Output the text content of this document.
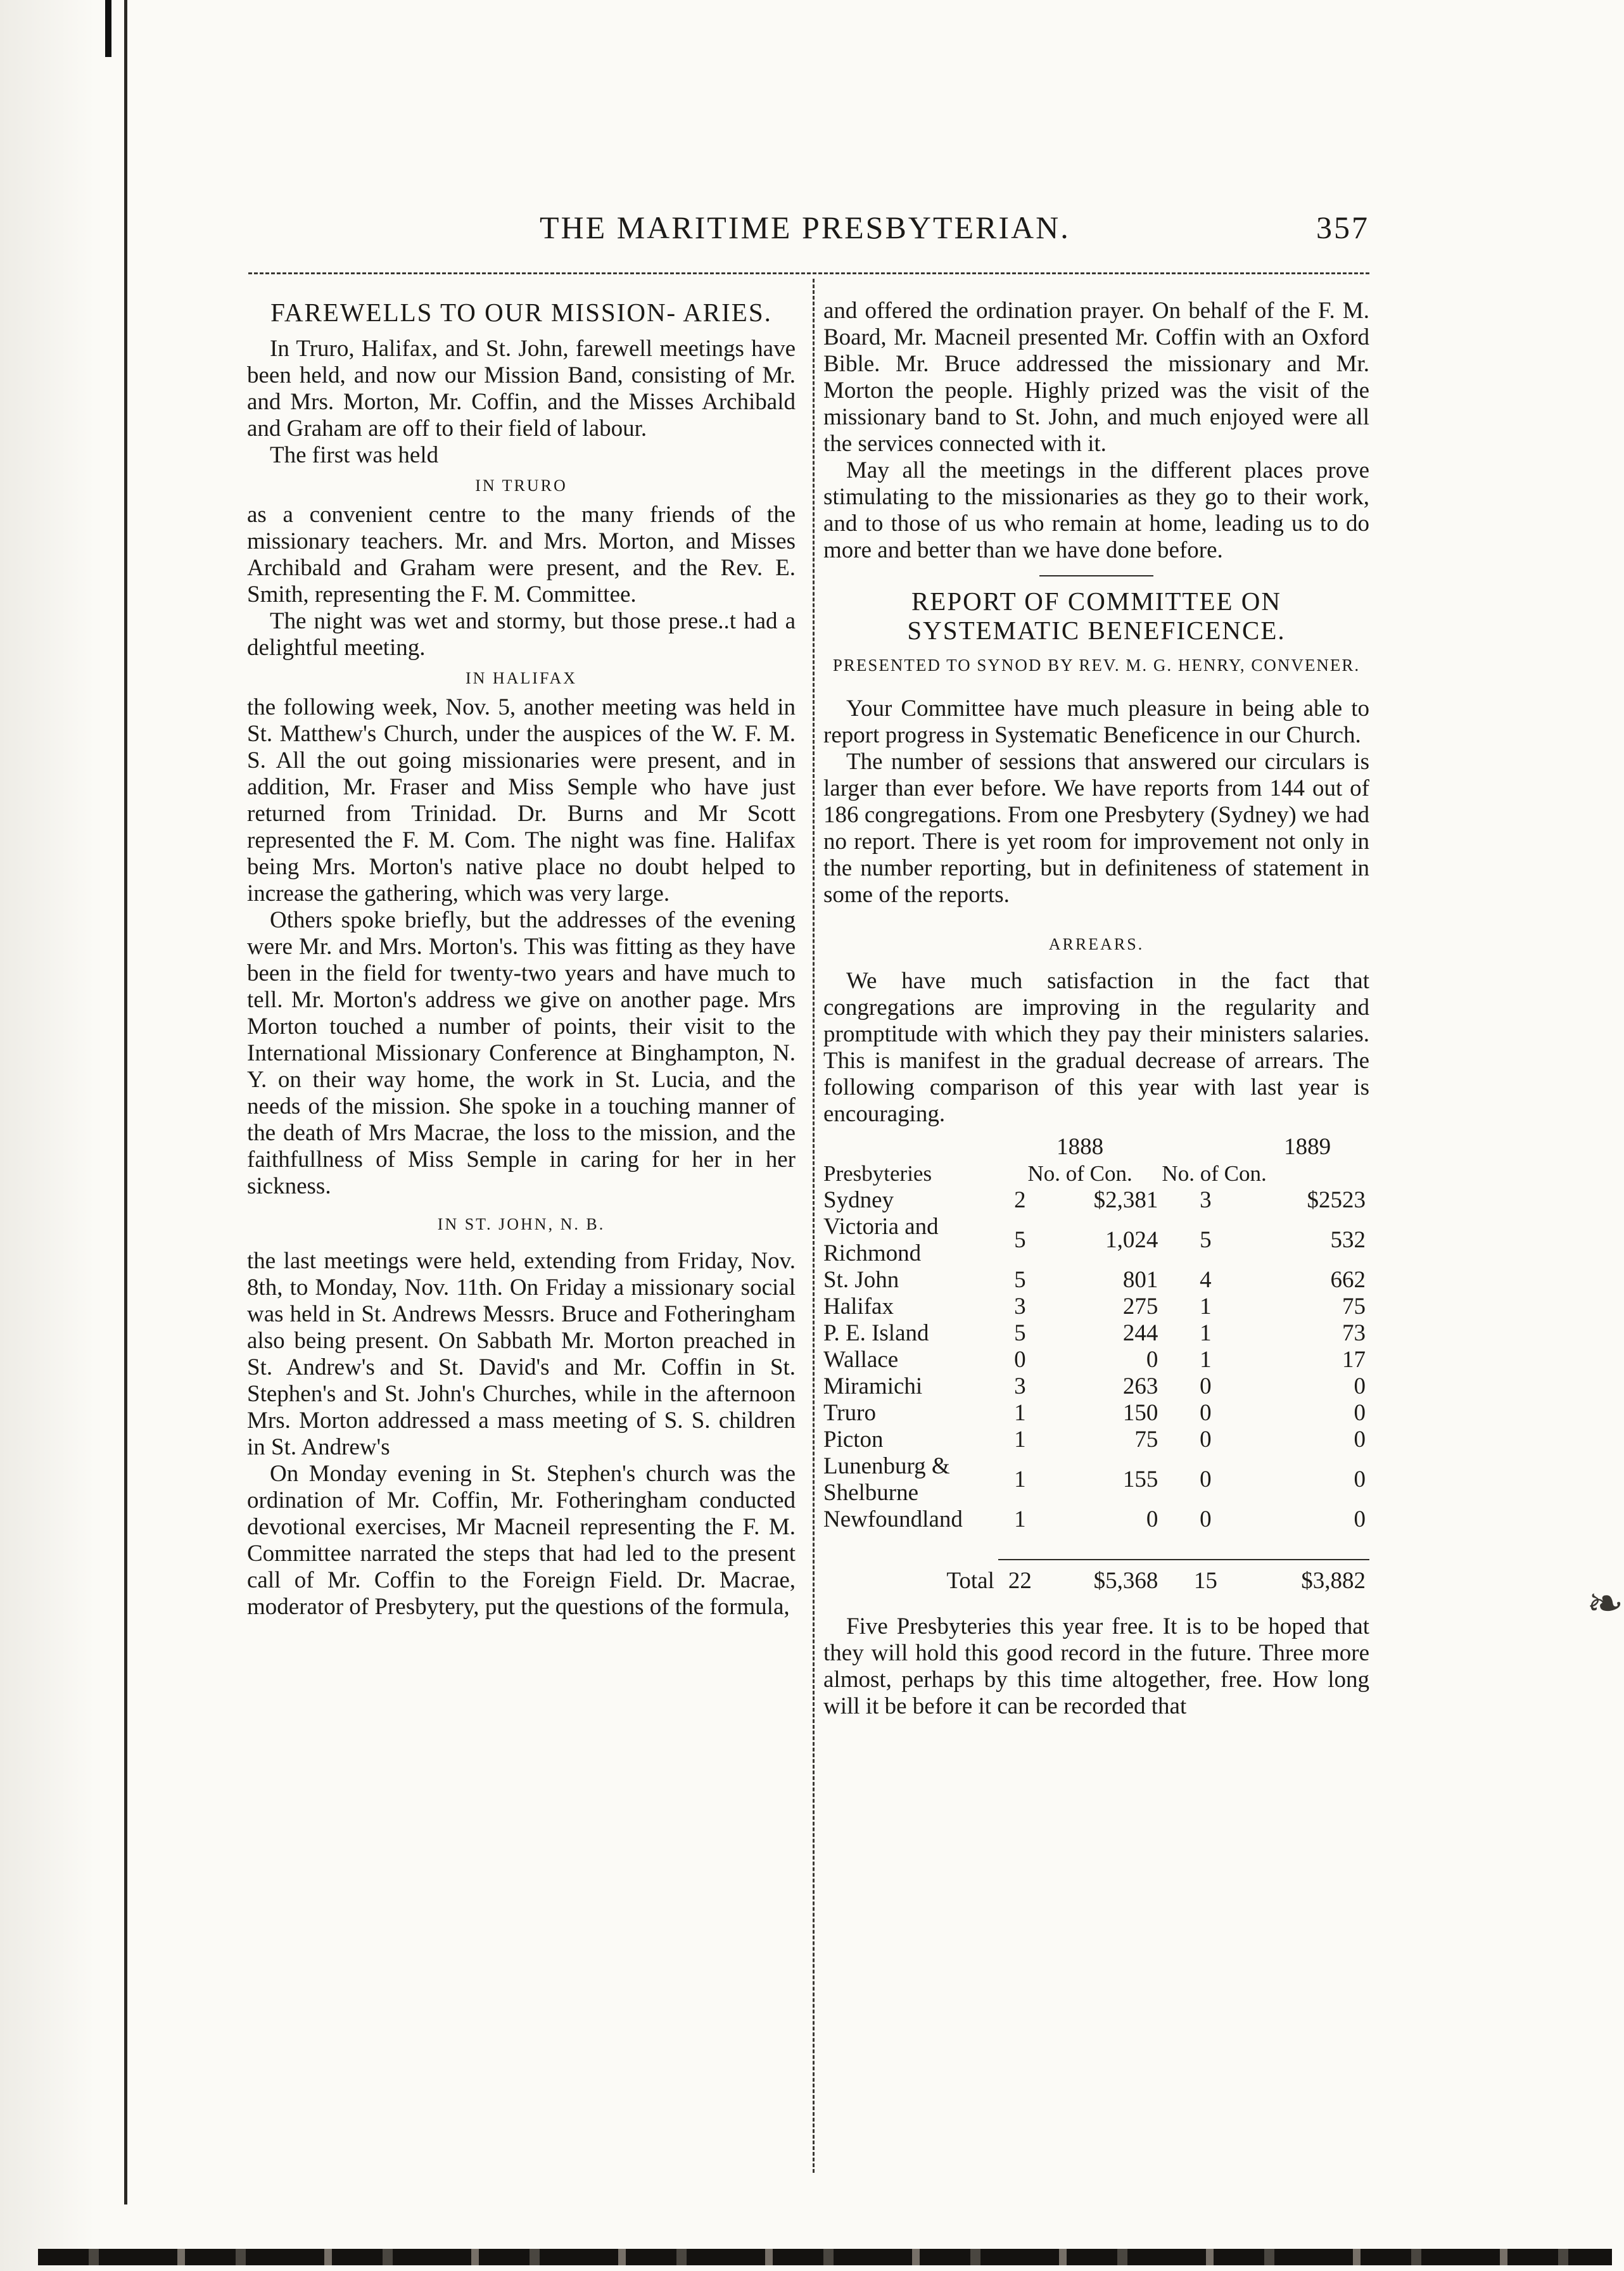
THE MARITIME PRESBYTERIAN.	357
FAREWELLS TO OUR MISSION- ARIES.

In Truro, Halifax, and St. John, farewell meetings have been held, and now our Mission Band, consisting of Mr. and Mrs. Morton, Mr. Coffin, and the Misses Archibald and Graham are off to their field of labour.

The first was held

IN TRURO

as a convenient centre to the many friends of the missionary teachers. Mr. and Mrs. Morton, and Misses Archibald and Graham were present, and the Rev. E. Smith, representing the F. M. Committee.

The night was wet and stormy, but those prese..t had a delightful meeting.

IN HALIFAX

the following week, Nov. 5, another meeting was held in St. Matthew's Church, under the auspices of the W. F. M. S. All the out going missionaries were present, and in addition, Mr. Fraser and Miss Semple who have just returned from Trinidad. Dr. Burns and Mr Scott represented the F. M. Com. The night was fine. Halifax being Mrs. Morton's native place no doubt helped to increase the gathering, which was very large.

Others spoke briefly, but the addresses of the evening were Mr. and Mrs. Morton's. This was fitting as they have been in the field for twenty-two years and have much to tell. Mr. Morton's address we give on another page. Mrs Morton touched a number of points, their visit to the International Missionary Conference at Binghampton, N. Y. on their way home, the work in St. Lucia, and the needs of the mission. She spoke in a touching manner of the death of Mrs Macrae, the loss to the mission, and the faithfullness of Miss Semple in caring for her in her sickness.

IN ST. JOHN, N. B.

the last meetings were held, extending from Friday, Nov. 8th, to Monday, Nov. 11th. On Friday a missionary social was held in St. Andrews Messrs. Bruce and Fotheringham also being present. On Sabbath Mr. Morton preached in St. Andrew's and St. David's and Mr. Coffin in St. Stephen's and St. John's Churches, while in the afternoon Mrs. Morton addressed a mass meeting of S. S. children in St. Andrew's

On Monday evening in St. Stephen's church was the ordination of Mr. Coffin, Mr. Fotheringham conducted devotional exercises, Mr Macneil representing the F. M. Committee narrated the steps that had led to the present call of Mr. Coffin to the Foreign Field. Dr. Macrae, moderator of Presbytery, put the questions of the formula,

and offered the ordination prayer. On behalf of the F. M. Board, Mr. Macneil presented Mr. Coffin with an Oxford Bible. Mr. Bruce addressed the missionary and Mr. Morton the people. Highly prized was the visit of the missionary band to St. John, and much enjoyed were all the services connected with it.

May all the meetings in the different places prove stimulating to the missionaries as they go to their work, and to those of us who remain at home, leading us to do more and better than we have done before.

REPORT OF COMMITTEE ON SYSTEMATIC BENEFICENCE.
PRESENTED TO SYNOD BY REV. M. G. HENRY, CONVENER.

Your Committee have much pleasure in being able to report progress in Systematic Beneficence in our Church.

The number of sessions that answered our circulars is larger than ever before. We have reports from 144 out of 186 congregations. From one Presbytery (Sydney) we had no report. There is yet room for improvement not only in the number reporting, but in definiteness of statement in some of the reports.

ARREARS.

We have much satisfaction in the fact that congregations are improving in the regularity and promptitude with which they pay their ministers salaries. This is manifest in the gradual decrease of arrears. The following comparison of this year with last year is encouraging.

	1888			1889
Presbyteries	No. of Con.		No. of Con.	
Sydney	2	$2,381	3	$2523
Victoria and Richmond	5	1,024	5	532
St. John	5	801	4	662
Halifax	3	275	1	75
P. E. Island	5	244	1	73
Wallace	0	0	1	17
Miramichi	3	263	0	0
Truro	1	150	0	0
Picton	1	75	0	0
Lunenburg & Shelburne	1	155	0	0
Newfoundland	1	0	0	0

Total	22	$5,368	15	$3,882

Five Presbyteries this year free. It is to be hoped that they will hold this good record in the future. Three more almost, perhaps by this time altogether, free. How long will it be before it can be recorded that

❧
